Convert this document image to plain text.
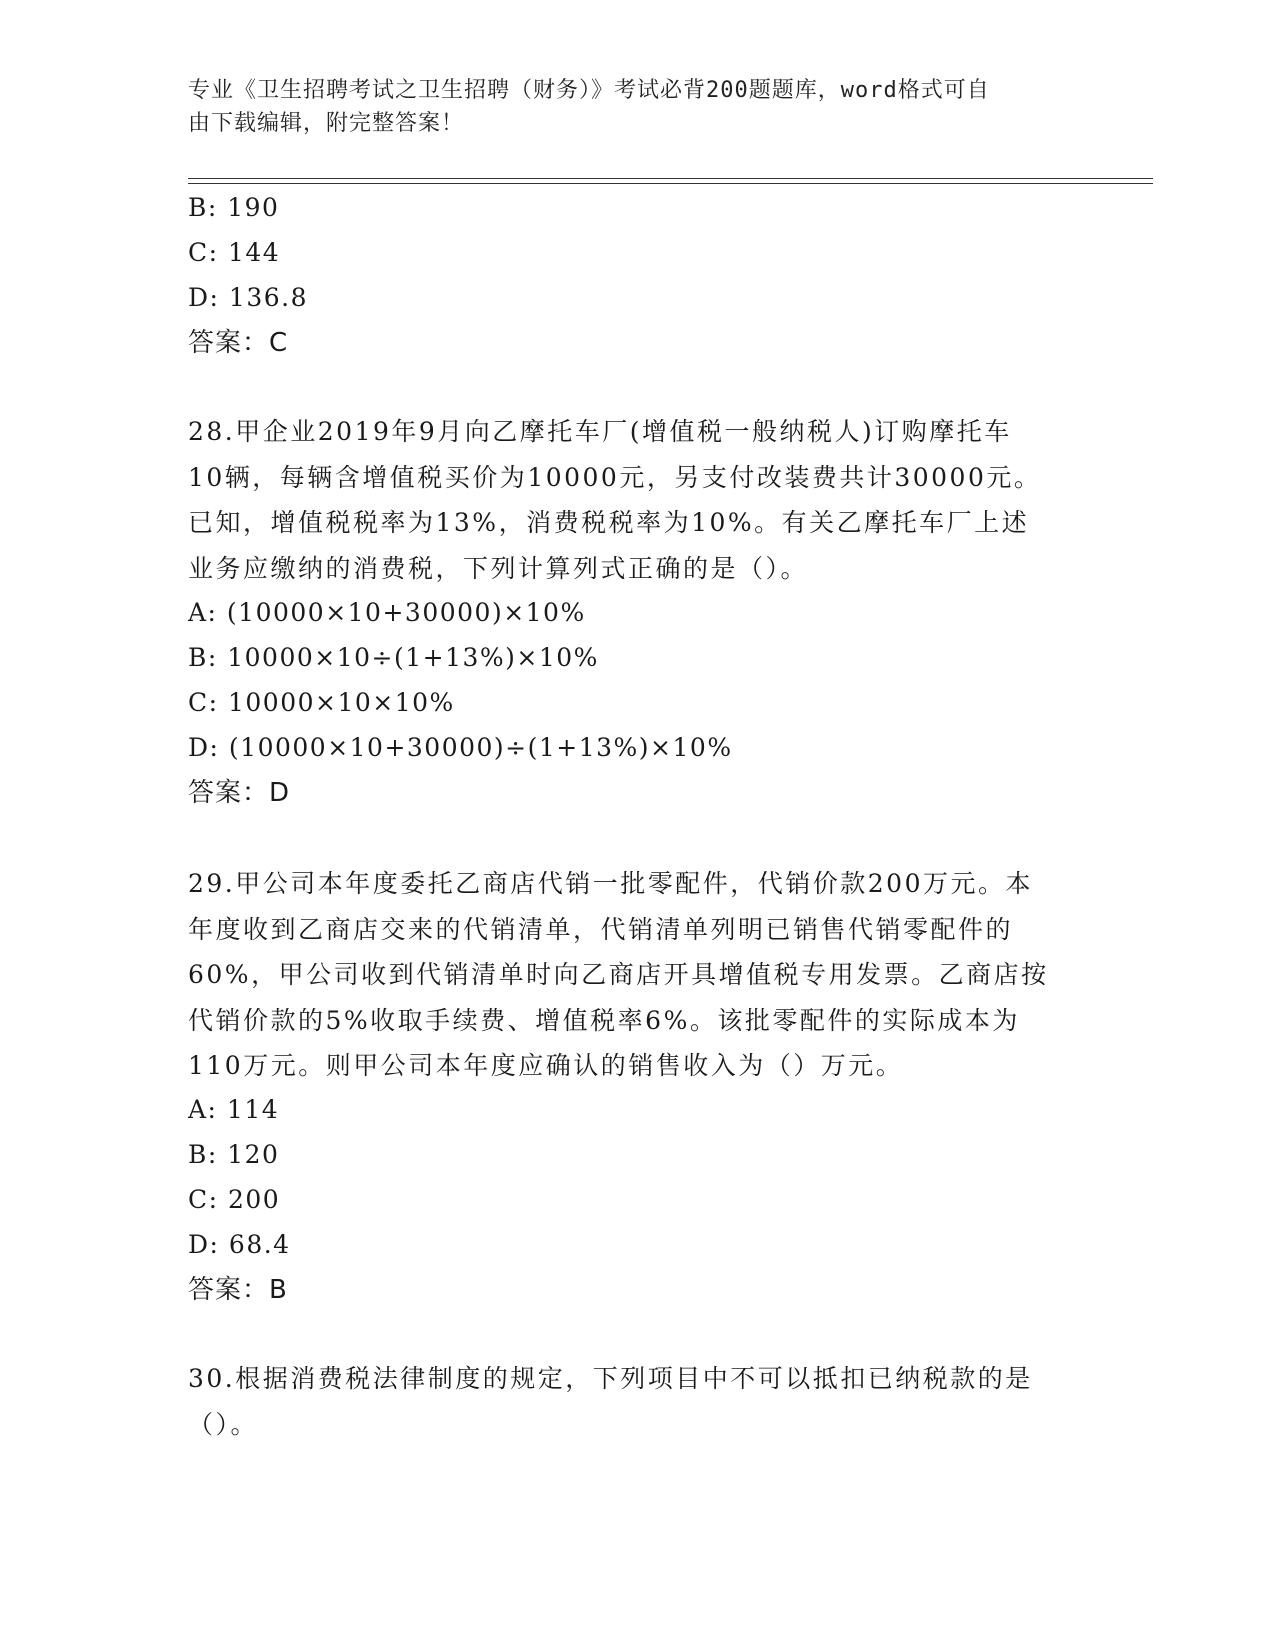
专业《卫生招聘考试之卫生招聘（财务）》考试必背200题题库，word格式可自
由下载编辑，附完整答案！
B: 190
C: 144
D: 136.8
答案：C
28.甲企业2019年9月向乙摩托车厂(增值税一般纳税人)订购摩托车
10辆，每辆含增值税买价为10000元，另支付改装费共计30000元。
已知，增值税税率为13%，消费税税率为10%。有关乙摩托车厂上述
业务应缴纳的消费税，下列计算列式正确的是（）。
A: (10000×10+30000)×10%
B: 10000×10÷(1+13%)×10%
C: 10000×10×10%
D: (10000×10+30000)÷(1+13%)×10%
答案：D
29.甲公司本年度委托乙商店代销一批零配件，代销价款200万元。本
年度收到乙商店交来的代销清单，代销清单列明已销售代销零配件的
60%，甲公司收到代销清单时向乙商店开具增值税专用发票。乙商店按
代销价款的5%收取手续费、增值税率6%。该批零配件的实际成本为
110万元。则甲公司本年度应确认的销售收入为（）万元。
A: 114
B: 120
C: 200
D: 68.4
答案：B
30.根据消费税法律制度的规定，下列项目中不可以抵扣已纳税款的是
（）。
